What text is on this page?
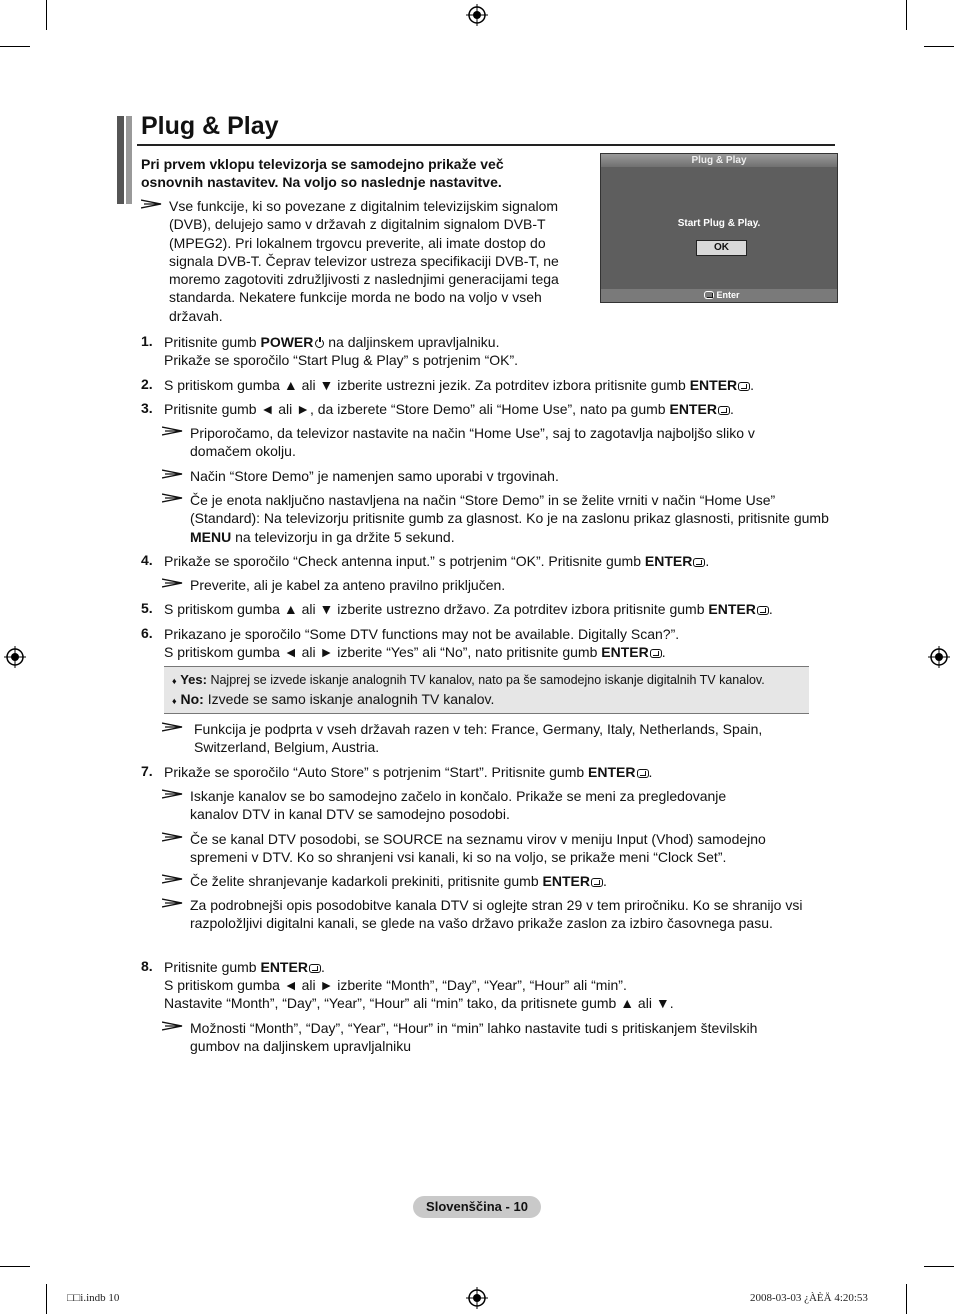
Plug & Play
Pri prvem vklopu televizorja se samodejno prikaže več osnovnih nastavitev. Na voljo so naslednje nastavitve.
Vse funkcije, ki so povezane z digitalnim televizijskim signalom (DVB), delujejo samo v državah z digitalnim signalom DVB-T (MPEG2). Pri lokalnem trgovcu preverite, ali imate dostop do signala DVB-T. Čeprav televizor ustreza specifikaciji DVB-T, ne moremo zagotoviti združljivosti z naslednjimi generacijami tega standarda. Nekatere funkcije morda ne bodo na voljo v vseh državah.
Plug & Play
Start Plug & Play.
OK
Enter
1. Pritisnite gumb POWER na daljinskem upravljalniku.
Prikaže se sporočilo “Start Plug & Play” s potrjenim “OK”.
2. S pritiskom gumba ▲ ali ▼ izberite ustrezni jezik. Za potrditev izbora pritisnite gumb ENTER .
3. Pritisnite gumb ◄ ali ►, da izberete “Store Demo” ali “Home Use”, nato pa gumb ENTER .
Priporočamo, da televizor nastavite na način “Home Use”, saj to zagotavlja najboljšo sliko v domačem okolju.
Način “Store Demo” je namenjen samo uporabi v trgovinah.
Če je enota naključno nastavljena na način “Store Demo” in se želite vrniti v način “Home Use” (Standard): Na televizorju pritisnite gumb za glasnost. Ko je na zaslonu prikaz glasnosti, pritisnite gumb MENU na televizorju in ga držite 5 sekund.
4. Prikaže se sporočilo “Check antenna input.” s potrjenim “OK”. Pritisnite gumb ENTER .
Preverite, ali je kabel za anteno pravilno priključen.
5. S pritiskom gumba ▲ ali ▼ izberite ustrezno državo. Za potrditev izbora pritisnite gumb ENTER .
6. Prikazano je sporočilo “Some DTV functions may not be available. Digitally Scan?”.
S pritiskom gumba ◄ ali ► izberite “Yes” ali “No”, nato pritisnite gumb ENTER .
♦ Yes: Najprej se izvede iskanje analognih TV kanalov, nato pa še samodejno iskanje digitalnih TV kanalov.
♦ No: Izvede se samo iskanje analognih TV kanalov.
Funkcija je podprta v vseh državah razen v teh: France, Germany, Italy, Netherlands, Spain,
Switzerland, Belgium, Austria.
7. Prikaže se sporočilo “Auto Store” s potrjenim “Start”. Pritisnite gumb ENTER .
Iskanje kanalov se bo samodejno začelo in končalo. Prikaže se meni za pregledovanje kanalov DTV in kanal DTV se samodejno posodobi.
Če se kanal DTV posodobi, se SOURCE na seznamu virov v meniju Input (Vhod) samodejno spremeni v DTV. Ko so shranjeni vsi kanali, ki so na voljo, se prikaže meni “Clock Set”.
Če želite shranjevanje kadarkoli prekiniti, pritisnite gumb ENTER .
Za podrobnejši opis posodobitve kanala DTV si oglejte stran 29 v tem priročniku. Ko se shranijo vsi razpoložljivi digitalni kanali, se glede na vašo državo prikaže zaslon za izbiro časovnega pasu.
8. Pritisnite gumb ENTER .
S pritiskom gumba ◄ ali ► izberite “Month”, “Day”, “Year”, “Hour” ali “min”.
Nastavite “Month”, “Day”, “Year”, “Hour” ali “min” tako, da pritisnete gumb ▲ ali ▼.
Možnosti “Month”, “Day”, “Year”, “Hour” in “min” lahko nastavite tudi s pritiskanjem številskih gumbov na daljinskem upravljalniku
Slovenščina - 10
□□i.indb 10	2008-03-03 ¿ÀÈÄ 4:20:53
